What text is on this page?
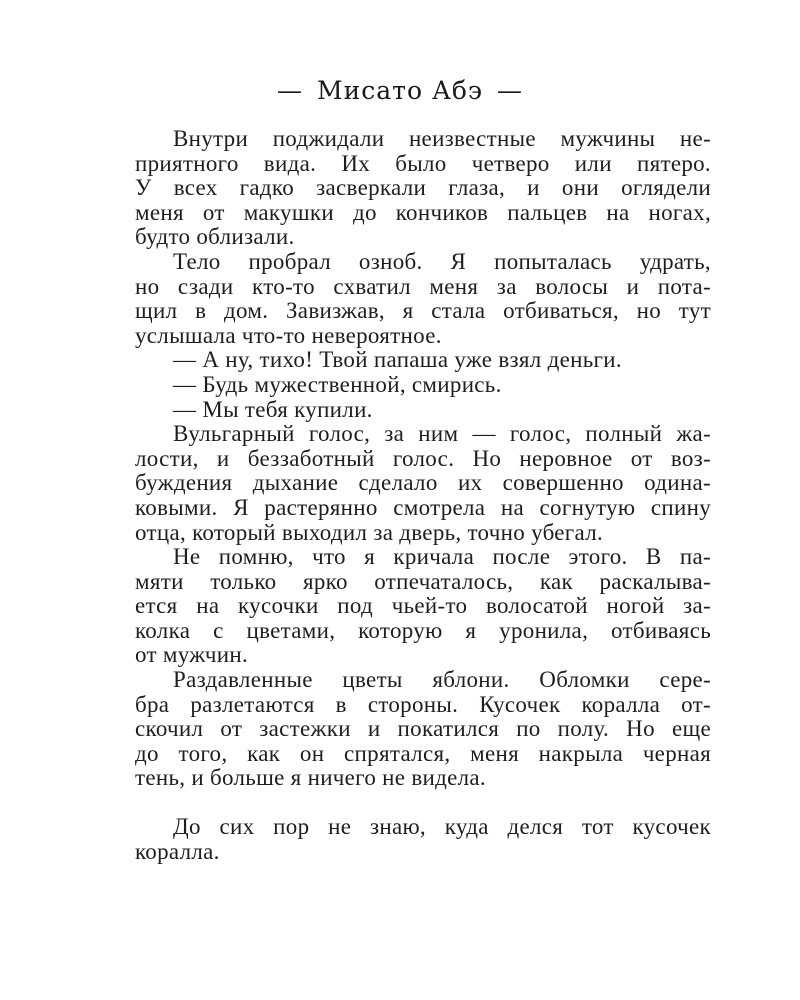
— Мисато Абэ —
Внутри поджидали неизвестные мужчины не-
приятного вида. Их было четверо или пятеро.
У всех гадко засверкали глаза, и они оглядели
меня от макушки до кончиков пальцев на ногах,
будто облизали.
Тело пробрал озноб. Я попыталась удрать,
но сзади кто-то схватил меня за волосы и пота-
щил в дом. Завизжав, я стала отбиваться, но тут
услышала что-то невероятное.
— А ну, тихо! Твой папаша уже взял деньги.
— Будь мужественной, смирись.
— Мы тебя купили.
Вульгарный голос, за ним — голос, полный жа-
лости, и беззаботный голос. Но неровное от воз-
буждения дыхание сделало их совершенно одина-
ковыми. Я растерянно смотрела на согнутую спину
отца, который выходил за дверь, точно убегал.
Не помню, что я кричала после этого. В па-
мяти только ярко отпечаталось, как раскалыва-
ется на кусочки под чьей-то волосатой ногой за-
колка с цветами, которую я уронила, отбиваясь
от мужчин.
Раздавленные цветы яблони. Обломки сере-
бра разлетаются в стороны. Кусочек коралла от-
скочил от застежки и покатился по полу. Но еще
до того, как он спрятался, меня накрыла черная
тень, и больше я ничего не видела.
До сих пор не знаю, куда делся тот кусочек
коралла.
